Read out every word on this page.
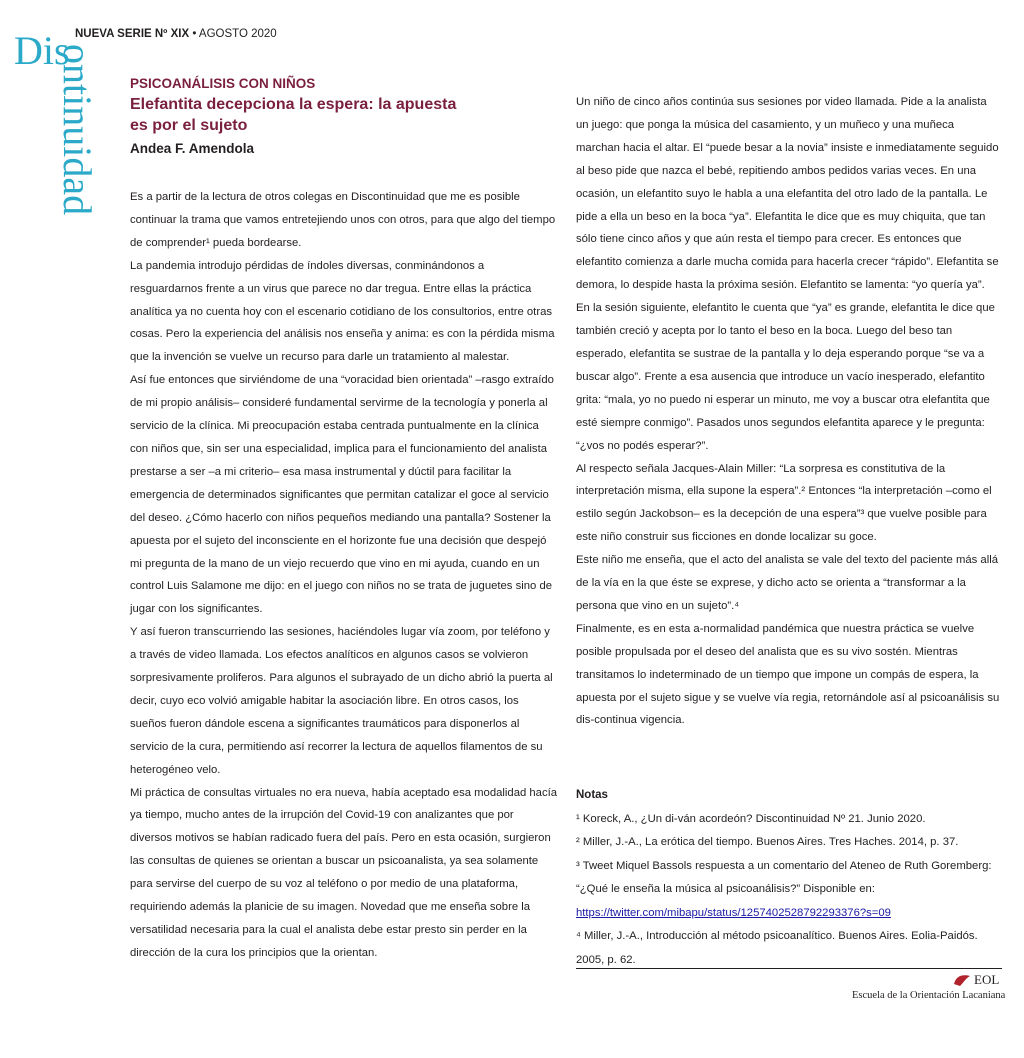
Dis
ontinuidad
NUEVA SERIE Nº XIX • AGOSTO 2020
PSICOANÁLISIS CON NIÑOS
Elefantita decepciona la espera: la apuesta es por el sujeto
Andea F. Amendola

Es a partir de la lectura de otros colegas en Discontinuidad que me es posible continuar la trama que vamos entretejiendo unos con otros, para que algo del tiempo de comprender¹ pueda bordearse.

La pandemia introdujo pérdidas de índoles diversas, conminándonos a resguardarnos frente a un virus que parece no dar tregua. Entre ellas la práctica analítica ya no cuenta hoy con el escenario cotidiano de los consultorios, entre otras cosas. Pero la experiencia del análisis nos enseña y anima: es con la pérdida misma que la invención se vuelve un recurso para darle un tratamiento al malestar.

Así fue entonces que sirviéndome de una “voracidad bien orientada” –rasgo extraído de mi propio análisis– consideré fundamental servirme de la tecnología y ponerla al servicio de la clínica. Mi preocupación estaba centrada puntualmente en la clínica con niños que, sin ser una especialidad, implica para el funcionamiento del analista prestarse a ser –a mi criterio– esa masa instrumental y dúctil para facilitar la emergencia de determinados significantes que permitan catalizar el goce al servicio del deseo. ¿Cómo hacerlo con niños pequeños mediando una pantalla? Sostener la apuesta por el sujeto del inconsciente en el horizonte fue una decisión que despejó mi pregunta de la mano de un viejo recuerdo que vino en mi ayuda, cuando en un control Luis Salamone me dijo: en el juego con niños no se trata de juguetes sino de jugar con los significantes.

Y así fueron transcurriendo las sesiones, haciéndoles lugar vía zoom, por teléfono y a través de video llamada. Los efectos analíticos en algunos casos se volvieron sorpresivamente proliferos. Para algunos el subrayado de un dicho abrió la puerta al decir, cuyo eco volvió amigable habitar la asociación libre. En otros casos, los sueños fueron dándole escena a significantes traumáticos para disponerlos al servicio de la cura, permitiendo así recorrer la lectura de aquellos filamentos de su heterogéneo velo.

Mi práctica de consultas virtuales no era nueva, había aceptado esa modalidad hacía ya tiempo, mucho antes de la irrupción del Covid-19 con analizantes que por diversos motivos se habían radicado fuera del país. Pero en esta ocasión, surgieron las consultas de quienes se orientan a buscar un psicoanalista, ya sea solamente para servirse del cuerpo de su voz al teléfono o por medio de una plataforma, requiriendo además la planicie de su imagen. Novedad que me enseña sobre la versatilidad necesaria para la cual el analista debe estar presto sin perder en la dirección de la cura los principios que la orientan.

Un niño de cinco años continúa sus sesiones por video llamada. Pide a la analista un juego: que ponga la música del casamiento, y un muñeco y una muñeca marchan hacia el altar. El “puede besar a la novia” insiste e inmediatamente seguido al beso pide que nazca el bebé, repitiendo ambos pedidos varias veces. En una ocasión, un elefantito suyo le habla a una elefantita del otro lado de la pantalla. Le pide a ella un beso en la boca “ya”. Elefantita le dice que es muy chiquita, que tan sólo tiene cinco años y que aún resta el tiempo para crecer. Es entonces que elefantito comienza a darle mucha comida para hacerla crecer “rápido”. Elefantita se demora, lo despide hasta la próxima sesión. Elefantito se lamenta: “yo quería ya”.

En la sesión siguiente, elefantito le cuenta que “ya” es grande, elefantita le dice que también creció y acepta por lo tanto el beso en la boca. Luego del beso tan esperado, elefantita se sustrae de la pantalla y lo deja esperando porque “se va a buscar algo”. Frente a esa ausencia que introduce un vacío inesperado, elefantito grita: “mala, yo no puedo ni esperar un minuto, me voy a buscar otra elefantita que esté siempre conmigo”. Pasados unos segundos elefantita aparece y le pregunta: “¿vos no podés esperar?”.

Al respecto señala Jacques-Alain Miller: “La sorpresa es constitutiva de la interpretación misma, ella supone la espera”.² Entonces “la interpretación –como el estilo según Jackobson– es la decepción de una espera”³ que vuelve posible para este niño construir sus ficciones en donde localizar su goce.

Este niño me enseña, que el acto del analista se vale del texto del paciente más allá de la vía en la que éste se exprese, y dicho acto se orienta a “transformar a la persona que vino en un sujeto”.⁴

Finalmente, es en esta a-normalidad pandémica que nuestra práctica se vuelve posible propulsada por el deseo del analista que es su vivo sostén. Mientras transitamos lo indeterminado de un tiempo que impone un compás de espera, la apuesta por el sujeto sigue y se vuelve vía regia, retornándole así al psicoanálisis su dis-continua vigencia.

Notas

¹ Koreck, A., ¿Un di-ván acordeón? Discontinuidad Nº 21. Junio 2020.

² Miller, J.-A., La erótica del tiempo. Buenos Aires. Tres Haches. 2014, p. 37.

³ Tweet Miquel Bassols respuesta a un comentario del Ateneo de Ruth Goremberg: “¿Qué le enseña la música al psicoanálisis?” Disponible en:

https://twitter.com/mibapu/status/1257402528792293376?s=09

⁴ Miller, J.-A., Introducción al método psicoanalítico. Buenos Aires. Eolia-Paidós. 2005, p. 62.

EOL
Escuela de la Orientación Lacaniana
